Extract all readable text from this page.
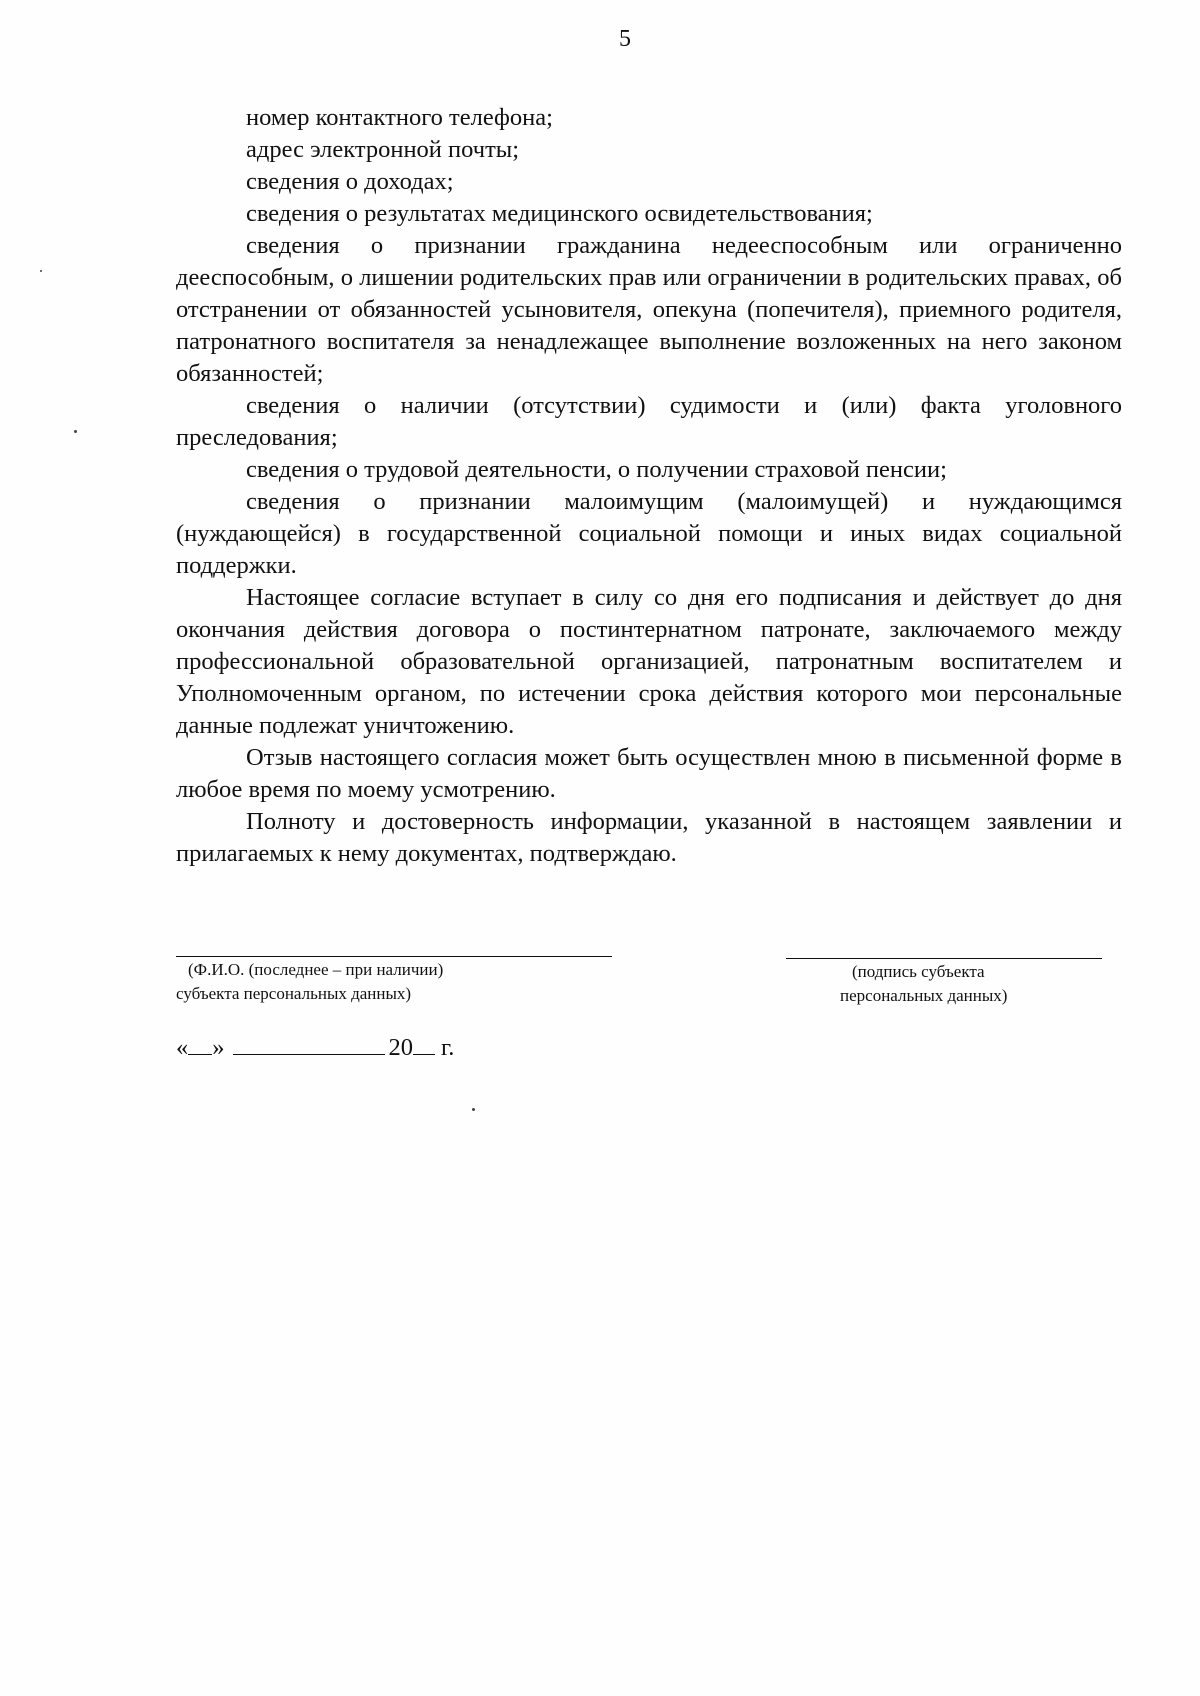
5

номер контактного телефона;

адрес электронной почты;

сведения о доходах;

сведения о результатах медицинского освидетельствования;

сведения о признании гражданина недееспособным или ограниченно дееспособным, о лишении родительских прав или ограничении в родительских правах, об отстранении от обязанностей усыновителя, опекуна (попечителя), приемного родителя, патронатного воспитателя за ненадлежащее выполнение возложенных на него законом обязанностей;

сведения о наличии (отсутствии) судимости и (или) факта уголовного преследования;

сведения о трудовой деятельности, о получении страховой пенсии;

сведения о признании малоимущим (малоимущей) и нуждающимся (нуждающейся) в государственной социальной помощи и иных видах социальной поддержки.

Настоящее согласие вступает в силу со дня его подписания и действует до дня окончания действия договора о постинтернатном патронате, заключаемого между профессиональной образовательной организацией, патронатным воспитателем и Уполномоченным органом, по истечении срока действия которого мои персональные данные подлежат уничтожению.

Отзыв настоящего согласия может быть осуществлен мною в письменной форме в любое время по моему усмотрению.

Полноту и достоверность информации, указанной в настоящем заявлении и прилагаемых к нему документах, подтверждаю.

(Ф.И.О. (последнее – при наличии)
субъекта персональных данных)
(подпись субъекта
персональных данных)
« »	20 г.
